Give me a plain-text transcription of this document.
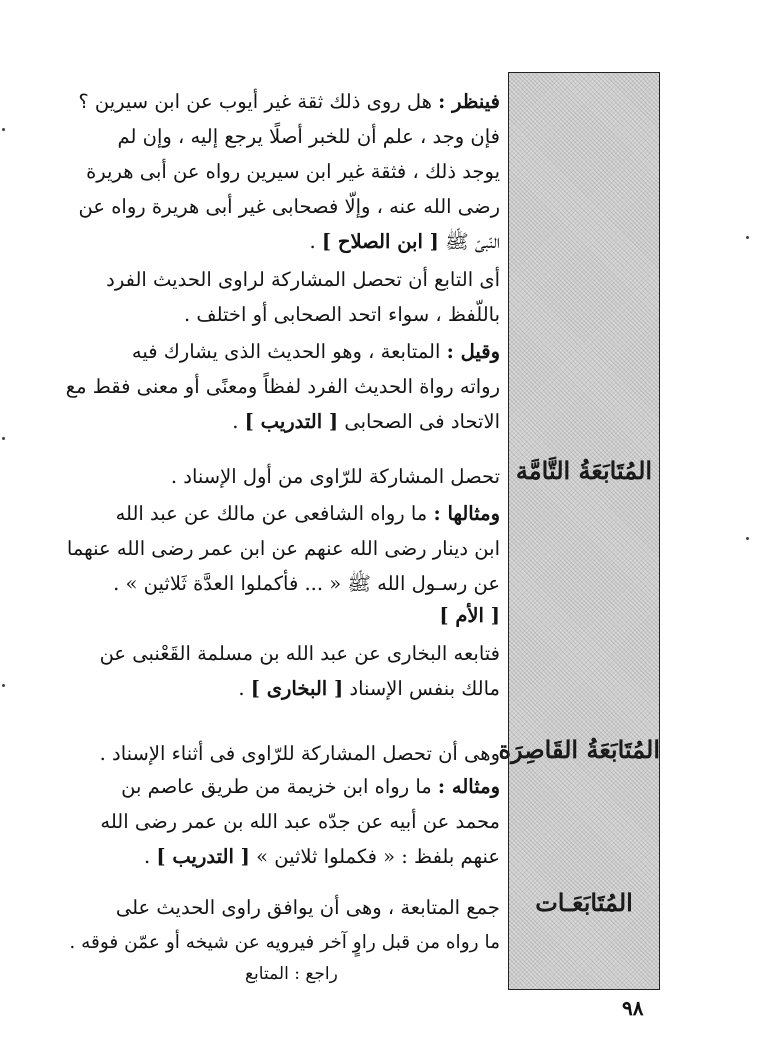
المُتَابَعَةُ التَّامَّة
المُتَابَعَةُ القَاصِرَة
المُتَابَعَـات
فينظر : هل روى ذلك ثقة غير أيوب عن ابن سيرين ؟
فإن وجد ، علم أن للخبر أصلًا يرجع إليه ، وإن لم
يوجد ذلك ، فثقة غير ابن سيرين رواه عن أبى هريرة
رضى الله عنه ، وإلّا فصحابى غير أبى هريرة رواه عن
النّبىّ ﷺ [ ابن الصلاح ] .
أى التابع أن تحصل المشاركة لراوى الحديث الفرد
باللّفظ ، سواء اتحد الصحابى أو اختلف .
وقيل : المتابعة ، وهو الحديث الذى يشارك فيه
رواته رواة الحديث الفرد لفظاً ومعنًى أو معنى فقط مع
الاتحاد فى الصحابى [ التدريب ] .
تحصل المشاركة للرّاوى من أول الإسناد .
ومثالها : ما رواه الشافعى عن مالك عن عبد الله
ابن دينار رضى الله عنهم عن ابن عمر رضى الله عنهما
عن رسـول الله ﷺ « ... فأكملوا العدَّة ثَلاثين » .
[ الأم ]
فتابعه البخارى عن عبد الله بن مسلمة القَعْنبى عن
مالك بنفس الإسناد [ البخارى ] .
وهى أن تحصل المشاركة للرّاوى فى أثناء الإسناد .
ومثاله : ما رواه ابن خزيمة من طريق عاصم بن
محمد عن أبيه عن جدّه عبد الله بن عمر رضى الله
عنهم بلفظ : « فكملوا ثلاثين » [ التدريب ] .
جمع المتابعة ، وهى أن يوافق راوى الحديث على
ما رواه من قبل راوٍ آخر فيرويه عن شيخه أو عمّن فوقه .
راجع : المتابع
٩٨
